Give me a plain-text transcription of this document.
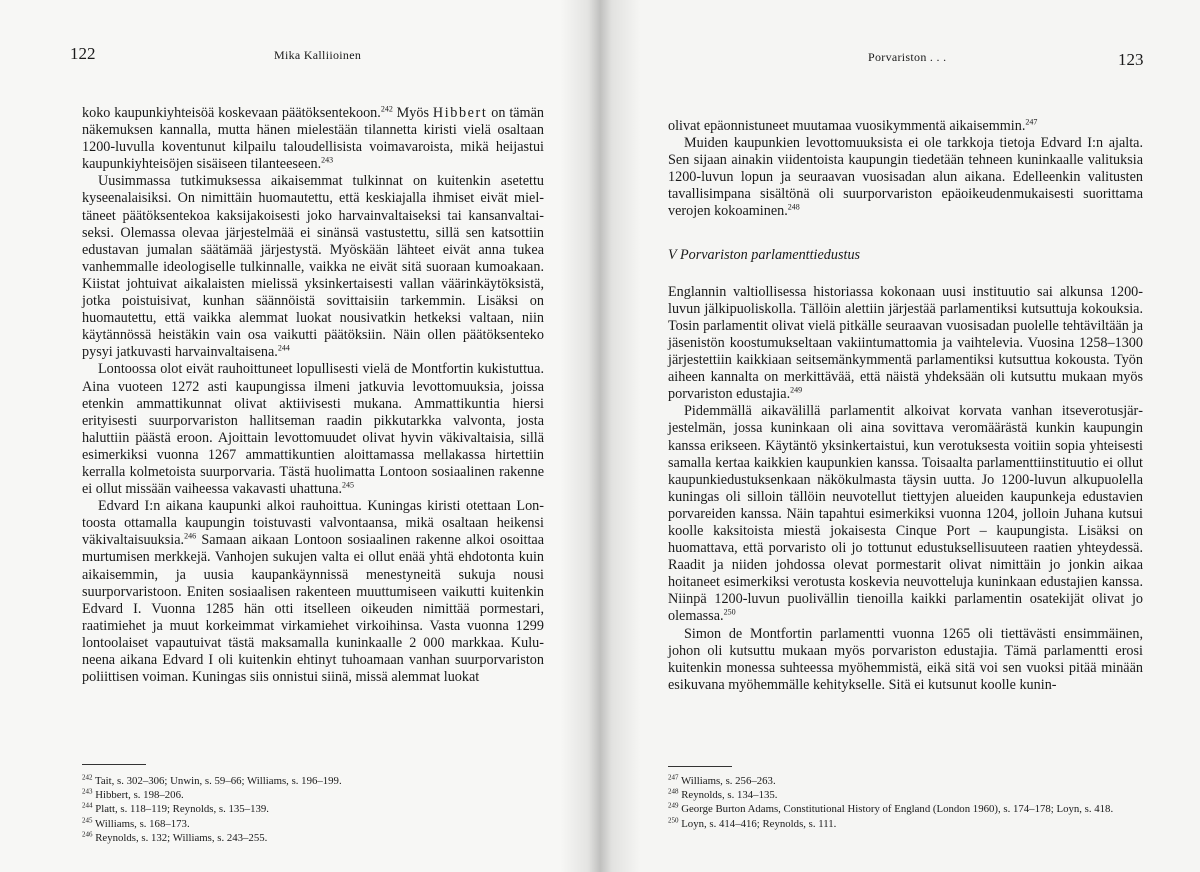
122	Mika Kalliioinen

koko kaupunkiyhteisöä koskevaan päätöksentekoon.$^{242}$ Myös Hibbert on tämän näkemuksen kannalla, mutta hänen mielestään tilannetta kiristi vielä osaltaan 1200-luvulla koventunut kilpailu taloudellisista voimavaroista, mikä heijastui kaupunkiyhteisöjen sisäiseen tilanteeseen.$^{243}$

Uusimmassa tutkimuksessa aikaisemmat tulkinnat on kuitenkin asetettu kyseenalaisiksi. On nimittäin huomautettu, että keskiajalla ihmiset eivät mieltäneet päätöksentekoa kaksijakoisesti joko harvainvaltaiseksi tai kansanvaltaiseksi. Olemassa olevaa järjestelmää ei sinänsä vastustettu, sillä sen katsottiin edustavan jumalan säätämää järjestystä. Myöskään lähteet eivät anna tukea vanhemmalle ideologiselle tulkinnalle, vaikka ne eivät sitä suoraan kumoakaan. Kiistat johtuivat aikalaisten mielissä yksinkertaisesti vallan väärinkäytöksistä, jotka poistuisivat, kunhan säännöistä sovittaisiin tarkemmin. Lisäksi on huomautettu, että vaikka alemmat luokat nousivatkin hetkeksi valtaan, niin käytännössä heistäkin vain osa vaikutti päätöksiin. Näin ollen päätöksenteko pysyi jatkuvasti harvainvaltaisena.$^{244}$

Lontoossa olot eivät rauhoittuneet lopullisesti vielä de Montfortin kukistuttua. Aina vuoteen 1272 asti kaupungissa ilmeni jatkuvia levottomuuksia, joissa etenkin ammattikunnat olivat aktiivisesti mukana. Ammattikuntia hiersi erityisesti suurporvariston hallitseman raadin pikkutarkka valvonta, josta haluttiin päästä eroon. Ajoittain levottomuudet olivat hyvin väkivaltaisia, sillä esimerkiksi vuonna 1267 ammattikuntien aloittamassa mellakassa hirtettiin kerralla kolmetoista suurporvaria. Tästä huolimatta Lontoon sosiaalinen rakenne ei ollut missään vaiheessa vakavasti uhattuna.$^{245}$

Edvard I:n aikana kaupunki alkoi rauhoittua. Kuningas kiristi otettaan Lontoosta ottamalla kaupungin toistuvasti valvontaansa, mikä osaltaan heikensi väkivaltaisuuksia.$^{246}$ Samaan aikaan Lontoon sosiaalinen rakenne alkoi osoittaa murtumisen merkkejä. Vanhojen sukujen valta ei ollut enää yhtä ehdotonta kuin aikaisemmin, ja uusia kaupankäynnissä menestyneitä sukuja nousi suurporvaristoon. Eniten sosiaalisen rakenteen muuttumiseen vaikutti kuitenkin Edvard I. Vuonna 1285 hän otti itselleen oikeuden nimittää pormestari, raatimiehet ja muut korkeimmat virkamiehet virkoihinsa. Vasta vuonna 1299 lontoolaiset vapautuivat tästä maksamalla kuninkaalle 2 000 markkaa. Kuluneena aikana Edvard I oli kuitenkin ehtinyt tuhoamaan vanhan suurporvariston poliittisen voiman. Kuningas siis onnistui siinä, missä alemmat luokat

$^{242}$ Tait, s. 302–306; Unwin, s. 59–66; Williams, s. 196–199.

$^{243}$ Hibbert, s. 198–206.

$^{244}$ Platt, s. 118–119; Reynolds, s. 135–139.

$^{245}$ Williams, s. 168–173.

$^{246}$ Reynolds, s. 132; Williams, s. 243–255.

Porvariston . . .	123

olivat epäonnistuneet muutamaa vuosikymmentä aikaisemmin.$^{247}$

Muiden kaupunkien levottomuuksista ei ole tarkkoja tietoja Edvard I:n ajalta. Sen sijaan ainakin viidentoista kaupungin tiedetään tehneen kuninkaalle valituksia 1200-luvun lopun ja seuraavan vuosisadan alun aikana. Edelleenkin valitusten tavallisimpana sisältönä oli suurporvariston epäoikeudenmukaisesti suorittama verojen kokoaminen.$^{248}$

V Porvariston parlamenttiedustus

Englannin valtiollisessa historiassa kokonaan uusi instituutio sai alkunsa 1200-luvun jälkipuoliskolla. Tällöin alettiin järjestää parlamentiksi kutsuttuja kokouksia. Tosin parlamentit olivat vielä pitkälle seuraavan vuosisadan puolelle tehtäviltään ja jäsenistön koostumukseltaan vakiintumattomia ja vaihtelevia. Vuosina 1258–1300 järjestettiin kaikkiaan seitsemänkymmentä parlamentiksi kutsuttua kokousta. Työn aiheen kannalta on merkittävää, että näistä yhdeksään oli kutsuttu mukaan myös porvariston edustajia.$^{249}$

Pidemmällä aikavälillä parlamentit alkoivat korvata vanhan itseverotusjärjestelmän, jossa kuninkaan oli aina sovittava veromäärästä kunkin kaupungin kanssa erikseen. Käytäntö yksinkertaistui, kun verotuksesta voitiin sopia yhteisesti samalla kertaa kaikkien kaupunkien kanssa. Toisaalta parlamenttiinstituutio ei ollut kaupunkiedustuksenkaan näkökulmasta täysin uutta. Jo 1200-luvun alkupuolella kuningas oli silloin tällöin neuvotellut tiettyjen alueiden kaupunkeja edustavien porvareiden kanssa. Näin tapahtui esimerkiksi vuonna 1204, jolloin Juhana kutsui koolle kaksitoista miestä jokaisesta Cinque Port – kaupungista. Lisäksi on huomattava, että porvaristo oli jo tottunut edustuksellisuuteen raatien yhteydessä. Raadit ja niiden johdossa olevat pormestarit olivat nimittäin jo jonkin aikaa hoitaneet esimerkiksi verotusta koskevia neuvotteluja kuninkaan edustajien kanssa. Niinpä 1200-luvun puolivällin tienoilla kaikki parlamentin osatekijät olivat jo olemassa.$^{250}$

Simon de Montfortin parlamentti vuonna 1265 oli tiettävästi ensimmäinen, johon oli kutsuttu mukaan myös porvariston edustajia. Tämä parlamentti erosi kuitenkin monessa suhteessa myöhemmistä, eikä sitä voi sen vuoksi pitää minään esikuvana myöhemmälle kehitykselle. Sitä ei kutsunut koolle kunin-

$^{247}$ Williams, s. 256–263.

$^{248}$ Reynolds, s. 134–135.

$^{249}$ George Burton Adams, Constitutional History of England (London 1960), s. 174–178; Loyn, s. 418.

$^{250}$ Loyn, s. 414–416; Reynolds, s. 111.
